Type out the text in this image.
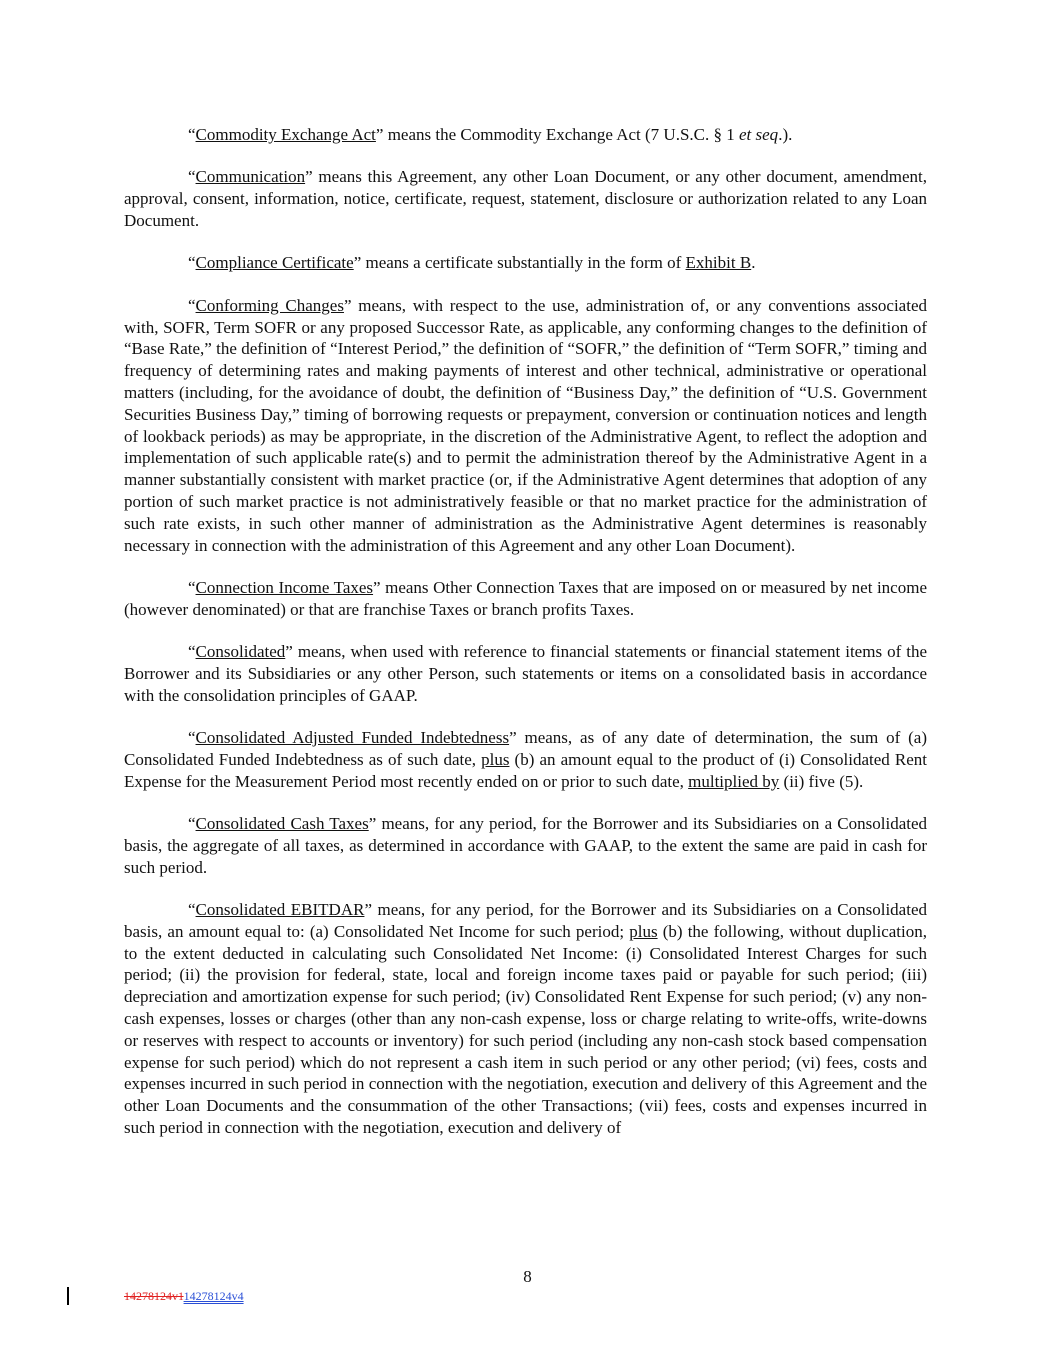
“Commodity Exchange Act” means the Commodity Exchange Act (7 U.S.C. § 1 et seq.).

“Communication” means this Agreement, any other Loan Document, or any other document, amendment, approval, consent, information, notice, certificate, request, statement, disclosure or authorization related to any Loan Document.

“Compliance Certificate” means a certificate substantially in the form of Exhibit B.

“Conforming Changes” means, with respect to the use, administration of, or any conventions associated with, SOFR, Term SOFR or any proposed Successor Rate, as applicable, any conforming changes to the definition of “Base Rate,” the definition of “Interest Period,” the definition of “SOFR,” the definition of “Term SOFR,” timing and frequency of determining rates and making payments of interest and other technical, administrative or operational matters (including, for the avoidance of doubt, the definition of “Business Day,” the definition of “U.S. Government Securities Business Day,” timing of borrowing requests or prepayment, conversion or continuation notices and length of lookback periods) as may be appropriate, in the discretion of the Administrative Agent, to reflect the adoption and implementation of such applicable rate(s) and to permit the administration thereof by the Administrative Agent in a manner substantially consistent with market practice (or, if the Administrative Agent determines that adoption of any portion of such market practice is not administratively feasible or that no market practice for the administration of such rate exists, in such other manner of administration as the Administrative Agent determines is reasonably necessary in connection with the administration of this Agreement and any other Loan Document).

“Connection Income Taxes” means Other Connection Taxes that are imposed on or measured by net income (however denominated) or that are franchise Taxes or branch profits Taxes.

“Consolidated” means, when used with reference to financial statements or financial statement items of the Borrower and its Subsidiaries or any other Person, such statements or items on a consolidated basis in accordance with the consolidation principles of GAAP.

“Consolidated Adjusted Funded Indebtedness” means, as of any date of determination, the sum of (a) Consolidated Funded Indebtedness as of such date, plus (b) an amount equal to the product of (i) Consolidated Rent Expense for the Measurement Period most recently ended on or prior to such date, multiplied by (ii) five (5).

“Consolidated Cash Taxes” means, for any period, for the Borrower and its Subsidiaries on a Consolidated basis, the aggregate of all taxes, as determined in accordance with GAAP, to the extent the same are paid in cash for such period.

“Consolidated EBITDAR” means, for any period, for the Borrower and its Subsidiaries on a Consolidated basis, an amount equal to: (a) Consolidated Net Income for such period; plus (b) the following, without duplication, to the extent deducted in calculating such Consolidated Net Income: (i) Consolidated Interest Charges for such period; (ii) the provision for federal, state, local and foreign income taxes paid or payable for such period; (iii) depreciation and amortization expense for such period; (iv) Consolidated Rent Expense for such period; (v) any non-cash expenses, losses or charges (other than any non-cash expense, loss or charge relating to write-offs, write-downs or reserves with respect to accounts or inventory) for such period (including any non-cash stock based compensation expense for such period) which do not represent a cash item in such period or any other period; (vi) fees, costs and expenses incurred in such period in connection with the negotiation, execution and delivery of this Agreement and the other Loan Documents and the consummation of the other Transactions; (vii) fees, costs and expenses incurred in such period in connection with the negotiation, execution and delivery of

8
14278124v114278124v4
